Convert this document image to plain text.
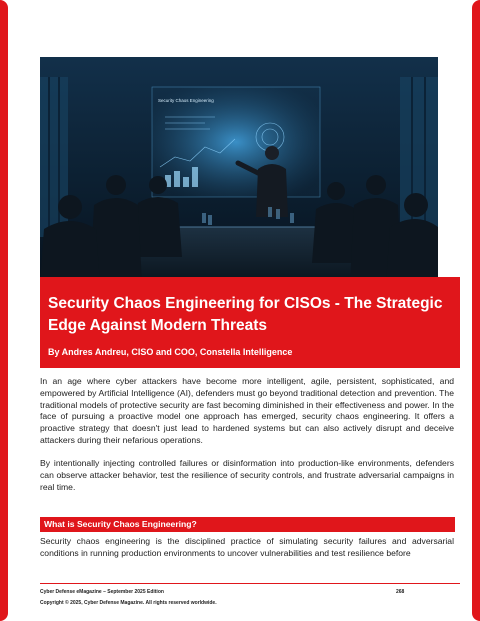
Security Chaos Engineering
Security Chaos Engineering for CISOs - The Strategic Edge Against Modern Threats

By Andres Andreu, CISO and COO, Constella Intelligence

In an age where cyber attackers have become more intelligent, agile, persistent, sophisticated, and empowered by Artificial Intelligence (AI), defenders must go beyond traditional detection and prevention. The traditional models of protective security are fast becoming diminished in their effectiveness and power. In the face of pursuing a proactive model one approach has emerged, security chaos engineering. It offers a proactive strategy that doesn't just lead to hardened systems but can also actively disrupt and deceive attackers during their nefarious operations.

By intentionally injecting controlled failures or disinformation into production-like environments, defenders can observe attacker behavior, test the resilience of security controls, and frustrate adversarial campaigns in real time.

What is Security Chaos Engineering?

Security chaos engineering is the disciplined practice of simulating security failures and adversarial conditions in running production environments to uncover vulnerabilities and test resilience before

Cyber Defense eMagazine – September 2025 Edition	268
Copyright © 2025, Cyber Defense Magazine. All rights reserved worldwide.
